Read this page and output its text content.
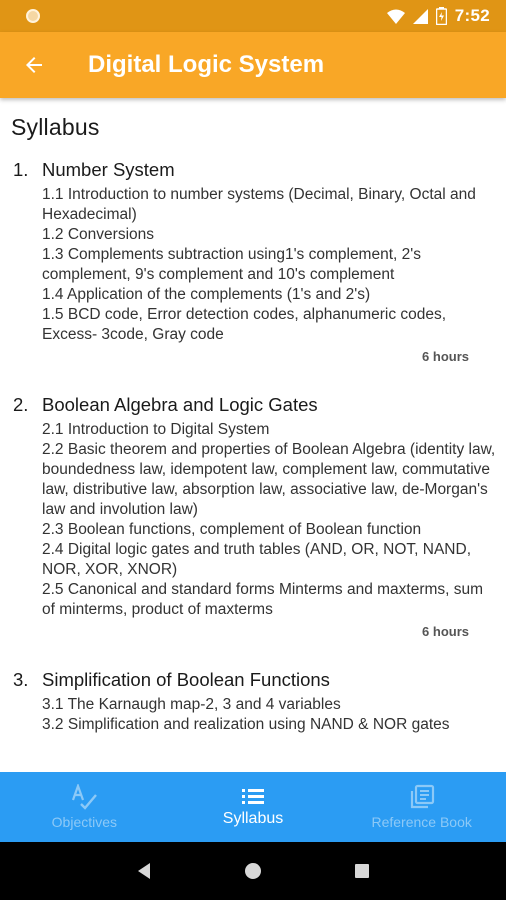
7:52
Digital Logic System
Syllabus
1. Number System
1.1 Introduction to number systems (Decimal, Binary, Octal and Hexadecimal)
1.2 Conversions
1.3 Complements subtraction using1's complement, 2's complement, 9's complement and 10's complement
1.4 Application of the complements (1's and 2's)
1.5 BCD code, Error detection codes, alphanumeric codes, Excess- 3code, Gray code
6 hours
2. Boolean Algebra and Logic Gates
2.1 Introduction to Digital System
2.2 Basic theorem and properties of Boolean Algebra (identity law, boundedness law, idempotent law, complement law, commutative law, distributive law, absorption law, associative law, de-Morgan's law and involution law)
2.3 Boolean functions, complement of Boolean function
2.4 Digital logic gates and truth tables (AND, OR, NOT, NAND, NOR, XOR, XNOR)
2.5 Canonical and standard forms Minterms and maxterms, sum of minterms, product of maxterms
6 hours
3. Simplification of Boolean Functions
3.1 The Karnaugh map-2, 3 and 4 variables
3.2 Simplification and realization using NAND & NOR gates
Objectives	Syllabus	Reference Book
